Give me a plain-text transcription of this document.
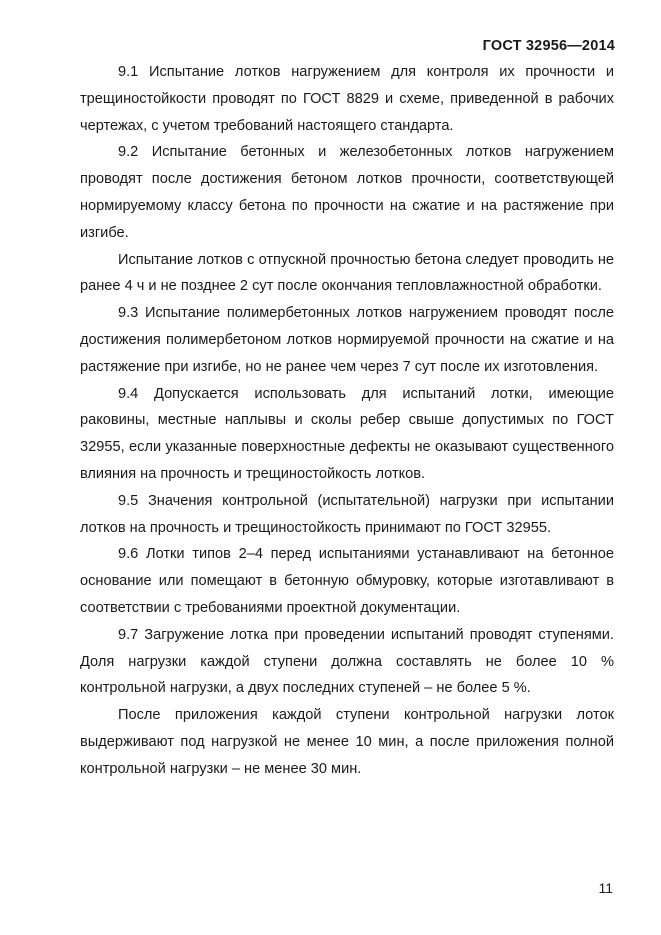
ГОСТ 32956—2014

9.1 Испытание лотков нагружением для контроля их прочности и трещиностойкости проводят по ГОСТ 8829 и схеме, приведенной в рабочих чертежах, с учетом требований настоящего стандарта.

9.2 Испытание бетонных и железобетонных лотков нагружением проводят после достижения бетоном лотков прочности, соответствующей нормируемому классу бетона по прочности на сжатие и на растяжение при изгибе.

Испытание лотков с отпускной прочностью бетона следует проводить не ранее 4 ч и не позднее 2 сут после окончания тепловлажностной обработки.

9.3 Испытание полимербетонных лотков нагружением проводят после достижения полимербетоном лотков нормируемой прочности на сжатие и на растяжение при изгибе, но не ранее чем через 7 сут после их изготовления.

9.4 Допускается использовать для испытаний лотки, имеющие раковины, местные наплывы и сколы ребер свыше допустимых по ГОСТ 32955, если указанные поверхностные дефекты не оказывают существенного влияния на прочность и трещиностойкость лотков.

9.5 Значения контрольной (испытательной) нагрузки при испытании лотков на прочность и трещиностойкость принимают по ГОСТ 32955.

9.6 Лотки типов 2–4 перед испытаниями устанавливают на бетонное основание или помещают в бетонную обмуровку, которые изготавливают в соответствии с требованиями проектной документации.

9.7 Загружение лотка при проведении испытаний проводят ступенями. Доля нагрузки каждой ступени должна составлять не более 10 % контрольной нагрузки, а двух последних ступеней – не более 5 %.

После приложения каждой ступени контрольной нагрузки лоток выдерживают под нагрузкой не менее 10 мин, а после приложения полной контрольной нагрузки – не менее 30 мин.

11
